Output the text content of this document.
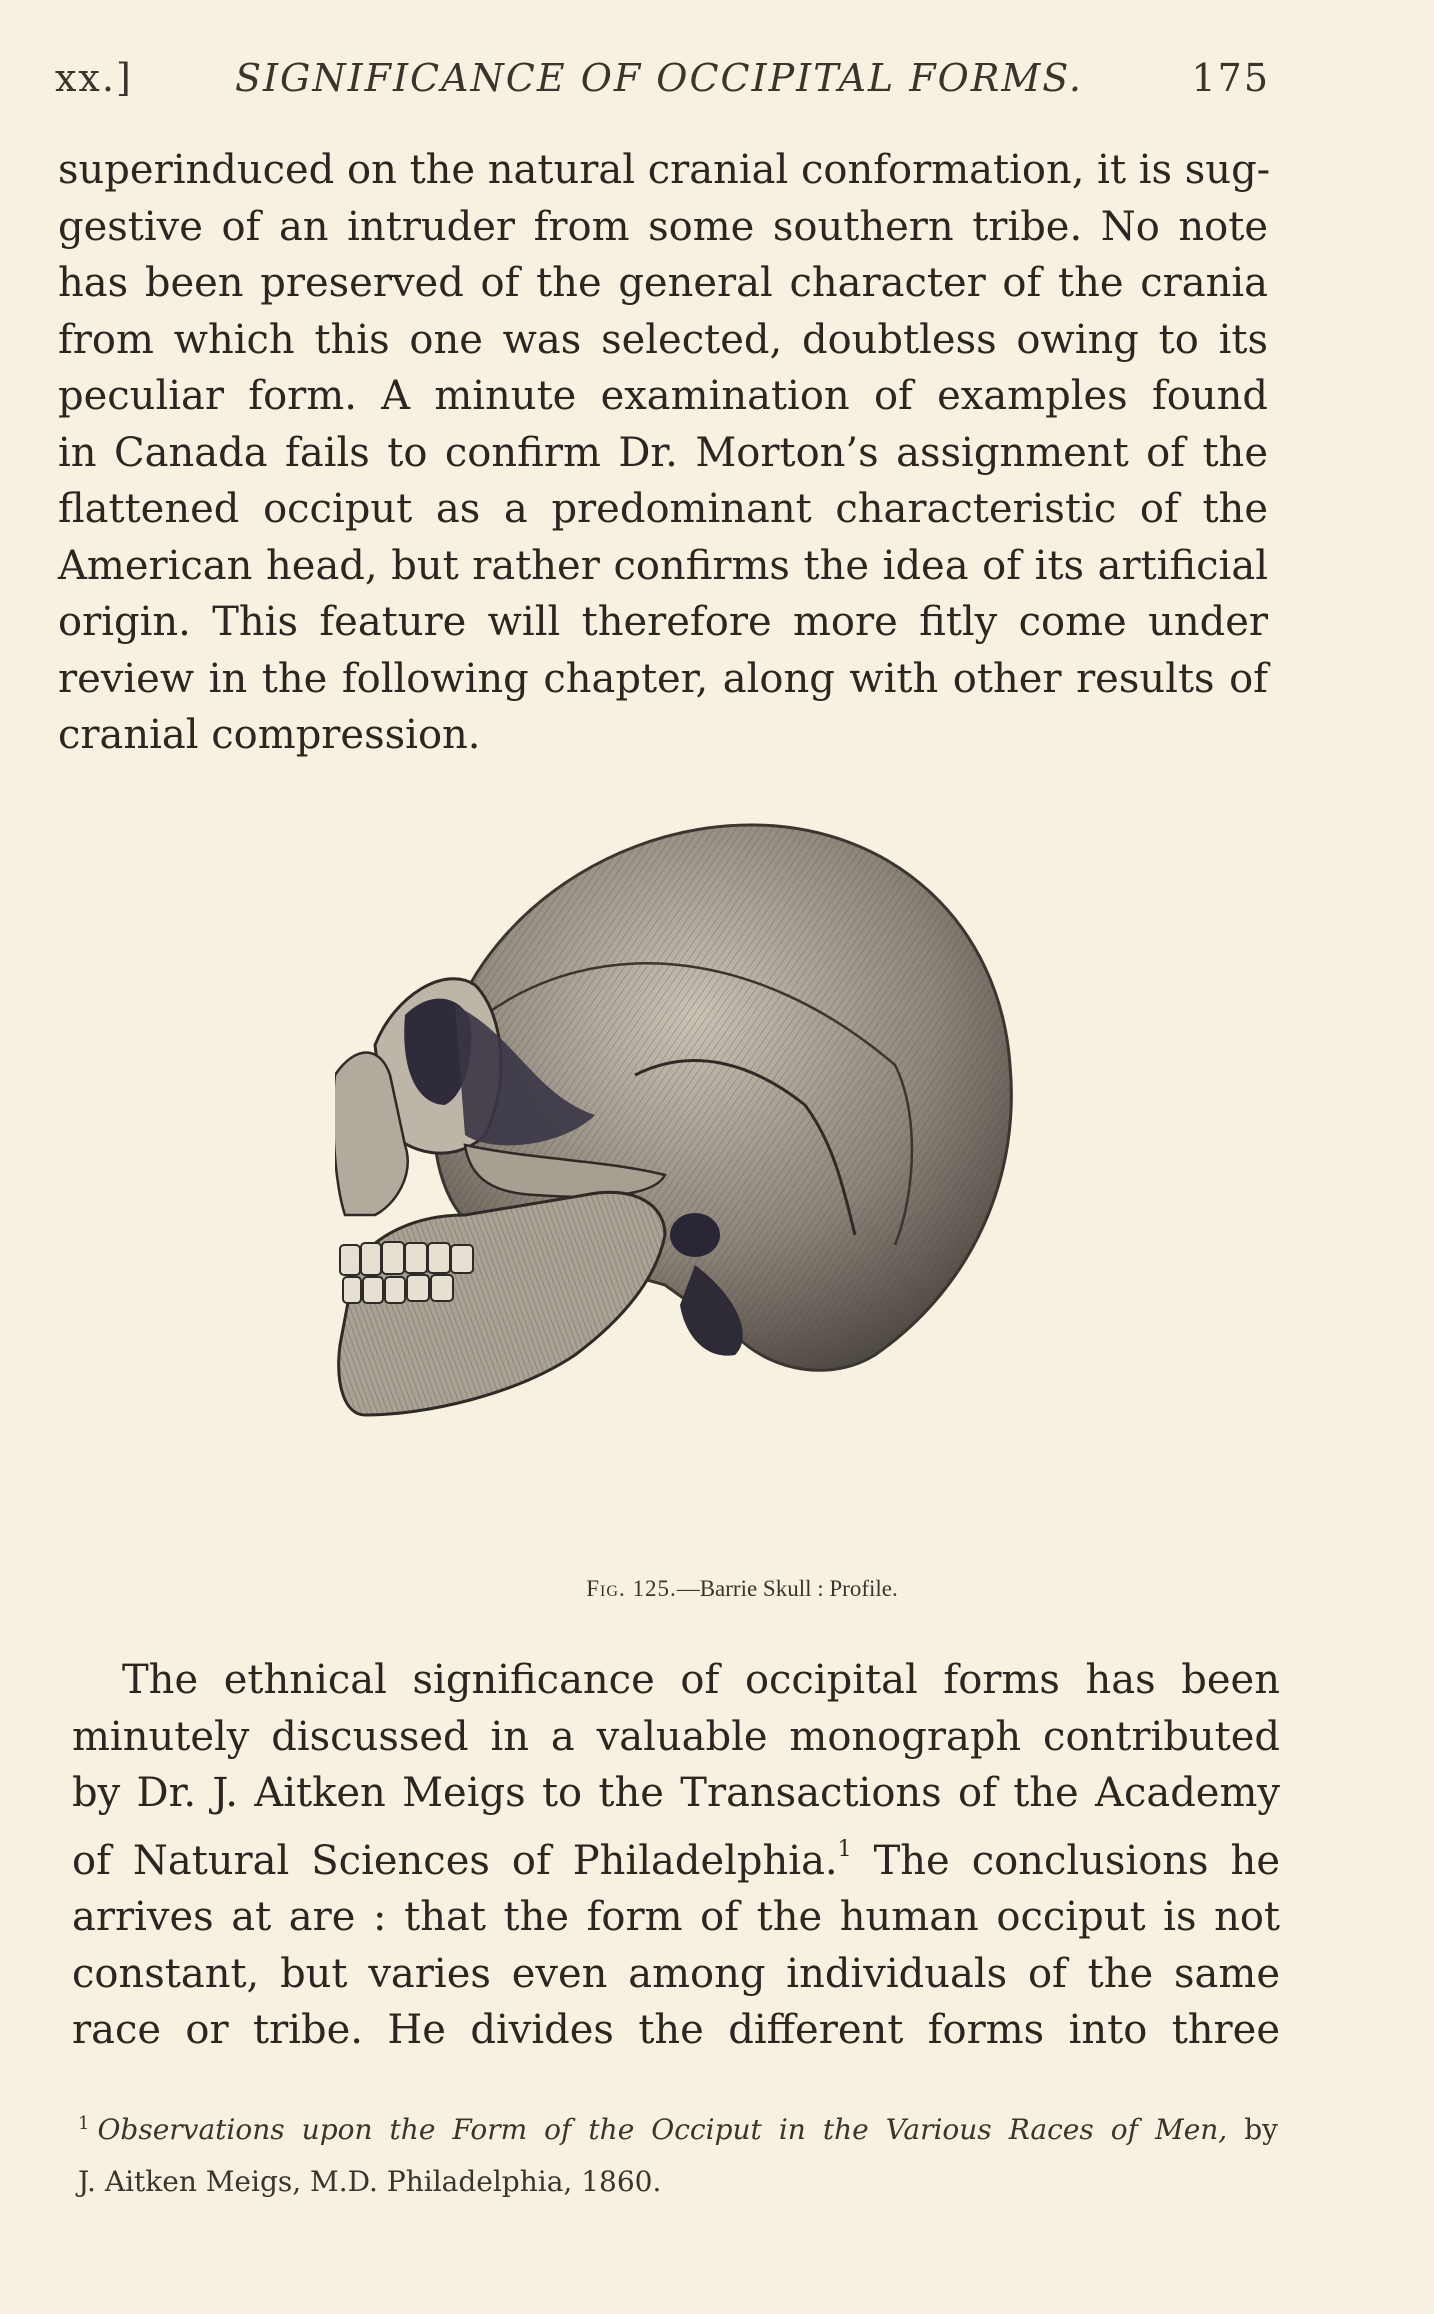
xx.]	SIGNIFICANCE OF OCCIPITAL FORMS.	175
superinduced on the natural cranial conformation, it is sug-
gestive of an intruder from some southern tribe. No note
has been preserved of the general character of the crania
from which this one was selected, doubtless owing to its
peculiar form. A minute examination of examples found
in Canada fails to confirm Dr. Morton’s assignment of the
flattened occiput as a predominant characteristic of the
American head, but rather confirms the idea of its artificial
origin. This feature will therefore more fitly come under
review in the following chapter, along with other results of
cranial compression.
Fig. 125.—Barrie Skull : Profile.
The ethnical significance of occipital forms has been
minutely discussed in a valuable monograph contributed
by Dr. J. Aitken Meigs to the Transactions of the Academy
of Natural Sciences of Philadelphia.$^1$ The conclusions he
arrives at are : that the form of the human occiput is not
constant, but varies even among individuals of the same
race or tribe. He divides the different forms into three
$^1$ Observations upon the Form of the Occiput in the Various Races of Men, by
J. Aitken Meigs, M.D. Philadelphia, 1860.
